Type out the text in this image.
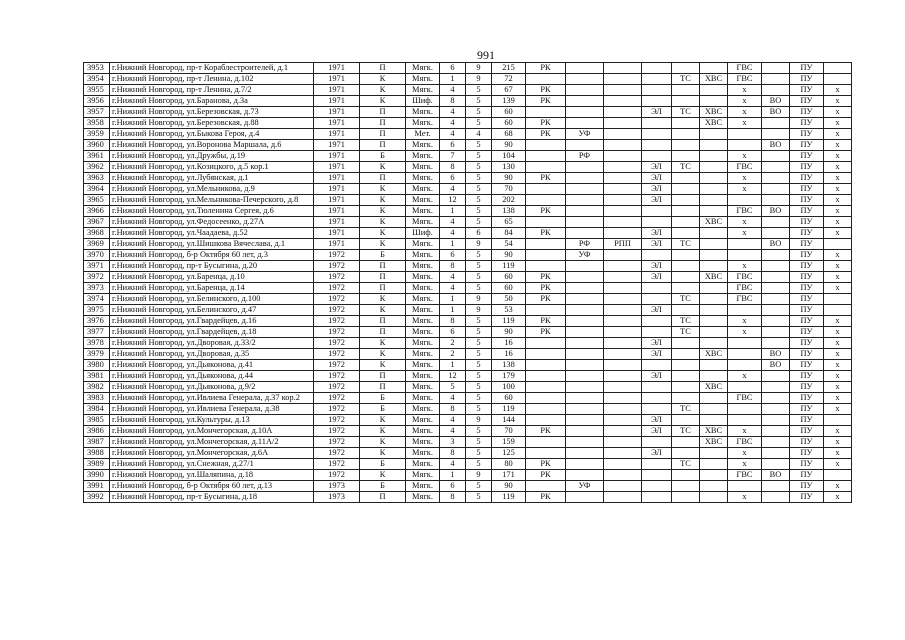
991
3953	г.Нижний Новгород, пр-т Кораблестроителей, д.1	1971	П	Мягк.	6	9	215	РК						ГВС		ПУ	
3954	г.Нижний Новгород, пр-т Ленина, д.102	1971	К	Мягк.	1	9	72					ТС	ХВС	ГВС		ПУ	
3955	г.Нижний Новгород, пр-т Ленина, д.7/2	1971	К	Мягк.	4	5	67	РК						х		ПУ	х
3956	г.Нижний Новгород, ул.Баранова, д.3а	1971	К	Шиф.	8	5	139	РК						х	ВО	ПУ	х
3957	г.Нижний Новгород, ул.Березовская, д.73	1971	П	Мягк.	4	5	60				ЭЛ	ТС	ХВС	х	ВО	ПУ	х
3958	г.Нижний Новгород, ул.Березовская, д.88	1971	П	Мягк.	4	5	60	РК					ХВС	х		ПУ	х
3959	г.Нижний Новгород, ул.Быкова Героя, д.4	1971	П	Мет.	4	4	68	РК	УФ							ПУ	х
3960	г.Нижний Новгород, ул.Воронова Маршала, д.6	1971	П	Мягк.	6	5	90								ВО	ПУ	х
3961	г.Нижний Новгород, ул.Дружбы, д.19	1971	Б	Мягк.	7	5	104		РФ					х		ПУ	х
3962	г.Нижний Новгород, ул.Козицкого, д.5 кор.1	1971	К	Мягк.	8	5	130				ЭЛ	ТС		ГВС		ПУ	х
3963	г.Нижний Новгород, ул.Лубянская, д.1	1971	П	Мягк.	6	5	90	РК			ЭЛ			х		ПУ	х
3964	г.Нижний Новгород, ул.Мельникова, д.9	1971	К	Мягк.	4	5	70				ЭЛ			х		ПУ	х
3965	г.Нижний Новгород, ул.Мельникова-Печерского, д.8	1971	К	Мягк.	12	5	202				ЭЛ					ПУ	х
3966	г.Нижний Новгород, ул.Тюленина Сергея, д.6	1971	К	Мягк.	1	5	138	РК						ГВС	ВО	ПУ	х
3967	г.Нижний Новгород, ул.Федосеенко, д.27А	1971	К	Мягк.	4	5	65						ХВС	х		ПУ	х
3968	г.Нижний Новгород, ул.Чаадаева, д.52	1971	К	Шиф.	4	6	84	РК			ЭЛ			х		ПУ	х
3969	г.Нижний Новгород, ул.Шишкова Вячеслава, д.1	1971	К	Мягк.	1	9	54		РФ	РПП	ЭЛ	ТС			ВО	ПУ	
3970	г.Нижний Новгород, б-р Октября 60 лет, д.3	1972	Б	Мягк.	6	5	90		УФ							ПУ	х
3971	г.Нижний Новгород, пр-т Бусыгина, д.20	1972	П	Мягк.	8	5	119				ЭЛ			х		ПУ	х
3972	г.Нижний Новгород, ул.Баренца, д.10	1972	П	Мягк.	4	5	60	РК			ЭЛ		ХВС	ГВС		ПУ	х
3973	г.Нижний Новгород, ул.Баренца, д.14	1972	П	Мягк.	4	5	60	РК						ГВС		ПУ	х
3974	г.Нижний Новгород, ул.Белинского, д.100	1972	К	Мягк.	1	9	50	РК				ТС		ГВС		ПУ	
3975	г.Нижний Новгород, ул.Белинского, д.47	1972	К	Мягк.	1	9	53				ЭЛ					ПУ	
3976	г.Нижний Новгород, ул.Гвардейцев, д.16	1972	П	Мягк.	8	5	119	РК				ТС		х		ПУ	х
3977	г.Нижний Новгород, ул.Гвардейцев, д.18	1972	П	Мягк.	6	5	90	РК				ТС		х		ПУ	х
3978	г.Нижний Новгород, ул.Дворовая, д.33/2	1972	К	Мягк.	2	5	16				ЭЛ					ПУ	х
3979	г.Нижний Новгород, ул.Дворовая, д.35	1972	К	Мягк.	2	5	16				ЭЛ		ХВС		ВО	ПУ	х
3980	г.Нижний Новгород, ул.Дьяконова, д.41	1972	К	Мягк.	1	5	138								ВО	ПУ	х
3981	г.Нижний Новгород, ул.Дьяконова, д.44	1972	П	Мягк.	12	5	179				ЭЛ			х		ПУ	х
3982	г.Нижний Новгород, ул.Дьяконова, д.9/2	1972	П	Мягк.	5	5	100						ХВС			ПУ	х
3983	г.Нижний Новгород, ул.Ивлиева Генерала, д.37 кор.2	1972	Б	Мягк.	4	5	60							ГВС		ПУ	х
3984	г.Нижний Новгород, ул.Ивлиева Генерала, д.38	1972	Б	Мягк.	8	5	119					ТС				ПУ	х
3985	г.Нижний Новгород, ул.Культуры, д.13	1972	К	Мягк.	4	9	144				ЭЛ					ПУ	
3986	г.Нижний Новгород, ул.Мончегорская, д.10А	1972	К	Мягк.	4	5	70	РК			ЭЛ	ТС	ХВС	х		ПУ	х
3987	г.Нижний Новгород, ул.Мончегорская, д.11А/2	1972	К	Мягк.	3	5	159						ХВС	ГВС		ПУ	х
3988	г.Нижний Новгород, ул.Мончегорская, д.6А	1972	К	Мягк.	8	5	125				ЭЛ			х		ПУ	х
3989	г.Нижний Новгород, ул.Снежная, д.27/1	1972	Б	Мягк.	4	5	80	РК				ТС		х		ПУ	х
3990	г.Нижний Новгород, ул.Шаляпина, д.18	1972	К	Мягк.	1	9	171	РК						ГВС	ВО	ПУ	
3991	г.Нижний Новгород, б-р Октября 60 лет, д.13	1973	Б	Мягк.	6	5	90		УФ							ПУ	х
3992	г.Нижний Новгород, пр-т Бусыгина, д.18	1973	П	Мягк.	8	5	119	РК						х		ПУ	х
